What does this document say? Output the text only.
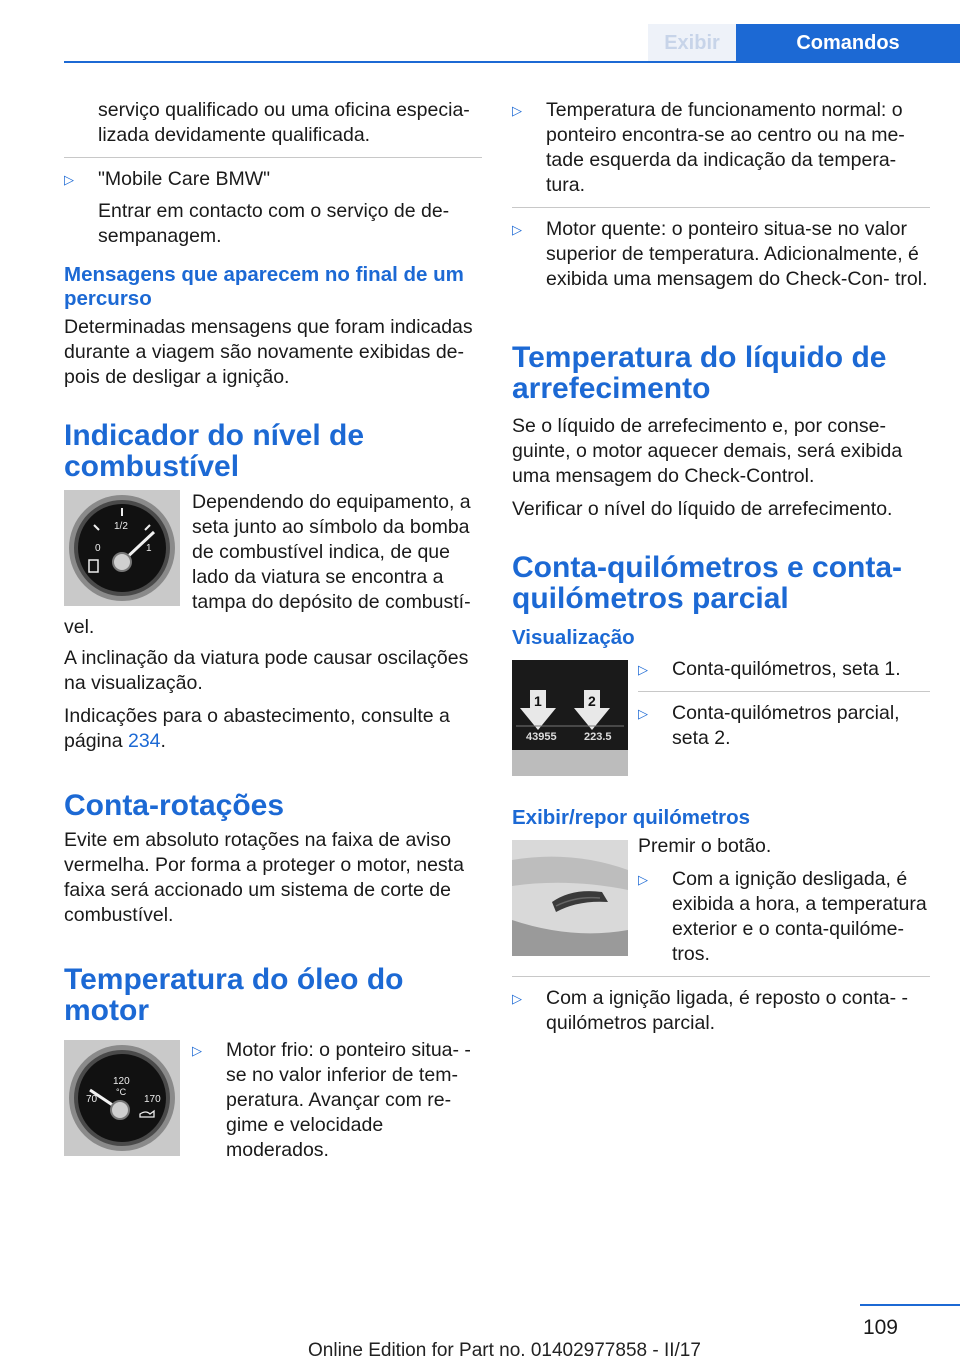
Exibir	Comandos

serviço qualificado ou uma oficina especia- lizada devidamente qualificada.

▷	"Mobile Care BMW"

Entrar em contacto com o serviço de de- sempanagem.

Mensagens que aparecem no final de um percurso

Determinadas mensagens que foram indicadas durante a viagem são novamente exibidas de- pois de desligar a ignição.

Indicador do nível de combustível
0
1/2
1

Dependendo do equipamento, a seta junto ao símbolo da bomba de combustível indica, de que lado da viatura se encontra a tampa do depósito de combustí- vel.

A inclinação da viatura pode causar oscilações na visualização.

Indicações para o abastecimento, consulte a página 234.

Conta-rotações

Evite em absoluto rotações na faixa de aviso vermelha. Por forma a proteger o motor, nesta faixa será accionado um sistema de corte de combustível.

Temperatura do óleo do motor
120
°C
70	170
▷	Motor frio: o ponteiro situa- -se no valor inferior de tem- peratura. Avançar com re- gime e velocidade moderados.

▷	Temperatura de funcionamento normal: o ponteiro encontra-se ao centro ou na me- tade esquerda da indicação da tempera- tura.

▷	Motor quente: o ponteiro situa-se no valor superior de temperatura. Adicionalmente, é exibida uma mensagem do Check-Con- trol.

Temperatura do líquido de arrefecimento

Se o líquido de arrefecimento e, por conse- guinte, o motor aquecer demais, será exibida uma mensagem do Check-Control.

Verificar o nível do líquido de arrefecimento.

Conta-quilómetros e conta- quilómetros parcial
Visualização
1	2
43955 223.5
▷	Conta-quilómetros, seta 1.

▷	Conta-quilómetros parcial, seta 2.

Exibir/repor quilómetros

Premir o botão.

▷	Com a ignição desligada, é exibida a hora, a temperatura exterior e o conta-quilóme- tros.

▷	Com a ignição ligada, é reposto o conta- -quilómetros parcial.

109
Online Edition for Part no. 01402977858 - II/17
